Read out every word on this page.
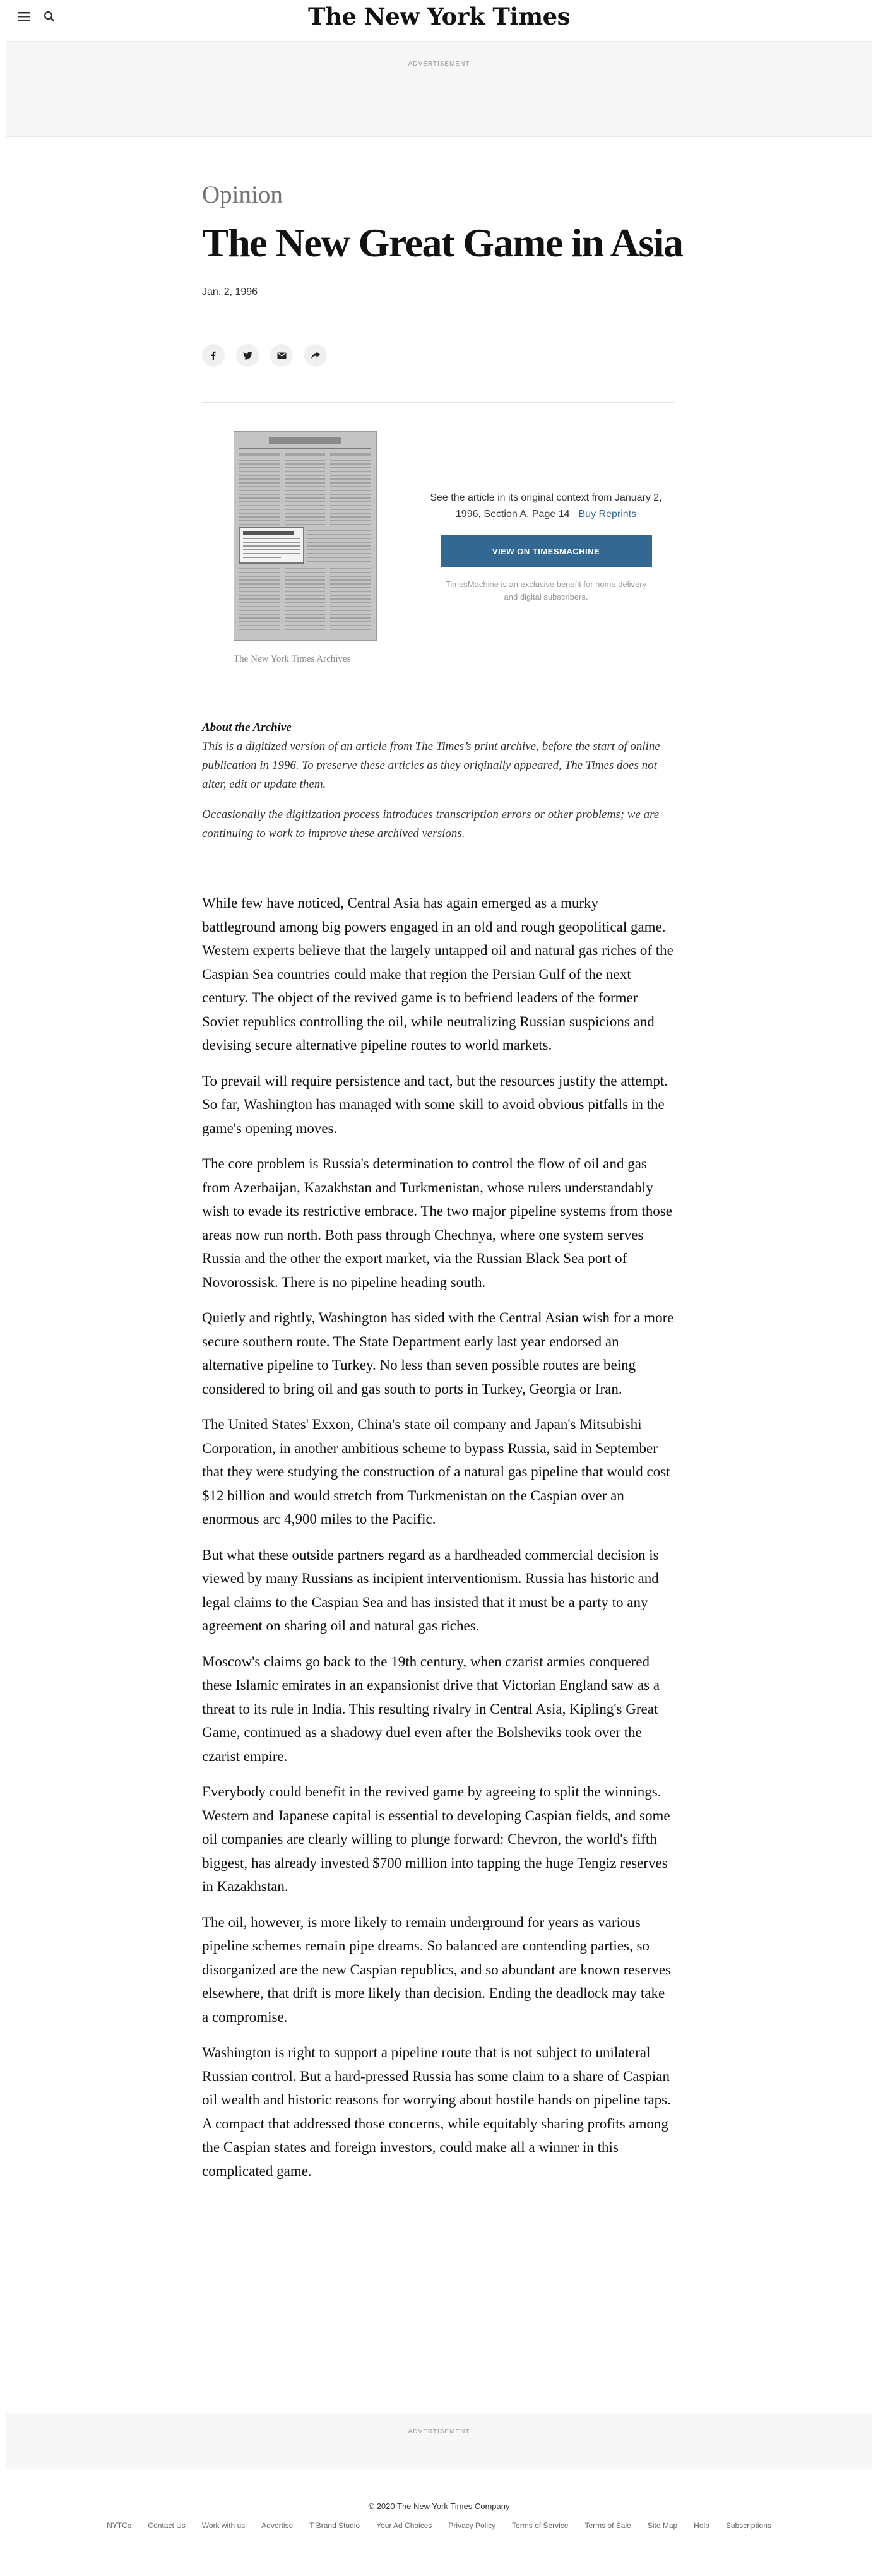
The New York Times
ADVERTISEMENT
Opinion
The New Great Game in Asia
Jan. 2, 1996
The New York Times Archives
See the article in its original context from January 2, 1996, Section A, Page 14 Buy Reprints
VIEW ON TIMESMACHINE
TimesMachine is an exclusive benefit for home delivery and digital subscribers.
About the Archive

This is a digitized version of an article from The Times’s print archive, before the start of online publication in 1996. To preserve these articles as they originally appeared, The Times does not alter, edit or update them.

Occasionally the digitization process introduces transcription errors or other problems; we are continuing to work to improve these archived versions.

While few have noticed, Central Asia has again emerged as a murky battleground among big powers engaged in an old and rough geopolitical game. Western experts believe that the largely untapped oil and natural gas riches of the Caspian Sea countries could make that region the Persian Gulf of the next century. The object of the revived game is to befriend leaders of the former Soviet republics controlling the oil, while neutralizing Russian suspicions and devising secure alternative pipeline routes to world markets.

To prevail will require persistence and tact, but the resources justify the attempt. So far, Washington has managed with some skill to avoid obvious pitfalls in the game's opening moves.

The core problem is Russia's determination to control the flow of oil and gas from Azerbaijan, Kazakhstan and Turkmenistan, whose rulers understandably wish to evade its restrictive embrace. The two major pipeline systems from those areas now run north. Both pass through Chechnya, where one system serves Russia and the other the export market, via the Russian Black Sea port of Novorossisk. There is no pipeline heading south.

Quietly and rightly, Washington has sided with the Central Asian wish for a more secure southern route. The State Department early last year endorsed an alternative pipeline to Turkey. No less than seven possible routes are being considered to bring oil and gas south to ports in Turkey, Georgia or Iran.

The United States' Exxon, China's state oil company and Japan's Mitsubishi Corporation, in another ambitious scheme to bypass Russia, said in September that they were studying the construction of a natural gas pipeline that would cost $12 billion and would stretch from Turkmenistan on the Caspian over an enormous arc 4,900 miles to the Pacific.

But what these outside partners regard as a hardheaded commercial decision is viewed by many Russians as incipient interventionism. Russia has historic and legal claims to the Caspian Sea and has insisted that it must be a party to any agreement on sharing oil and natural gas riches.

Moscow's claims go back to the 19th century, when czarist armies conquered these Islamic emirates in an expansionist drive that Victorian England saw as a threat to its rule in India. This resulting rivalry in Central Asia, Kipling's Great Game, continued as a shadowy duel even after the Bolsheviks took over the czarist empire.

Everybody could benefit in the revived game by agreeing to split the winnings. Western and Japanese capital is essential to developing Caspian fields, and some oil companies are clearly willing to plunge forward: Chevron, the world's fifth biggest, has already invested $700 million into tapping the huge Tengiz reserves in Kazakhstan.

The oil, however, is more likely to remain underground for years as various pipeline schemes remain pipe dreams. So balanced are contending parties, so disorganized are the new Caspian republics, and so abundant are known reserves elsewhere, that drift is more likely than decision. Ending the deadlock may take a compromise.

Washington is right to support a pipeline route that is not subject to unilateral Russian control. But a hard-pressed Russia has some claim to a share of Caspian oil wealth and historic reasons for worrying about hostile hands on pipeline taps. A compact that addressed those concerns, while equitably sharing profits among the Caspian states and foreign investors, could make all a winner in this complicated game.

ADVERTISEMENT
© 2020 The New York Times Company
NYTCo Contact Us Work with us Advertise T Brand Studio Your Ad Choices Privacy Policy Terms of Service Terms of Sale Site Map Help Subscriptions
